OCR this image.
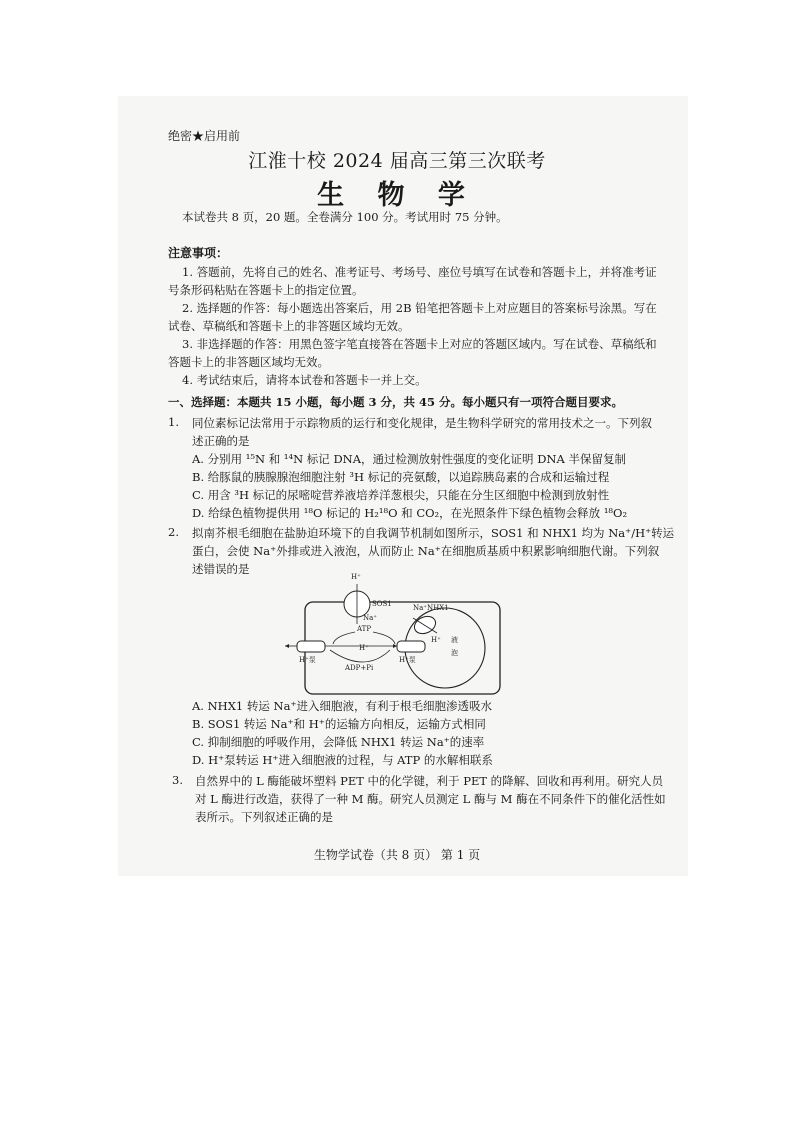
绝密★启用前
江淮十校 2024 届高三第三次联考
生 物 学
本试卷共 8 页，20 题。全卷满分 100 分。考试用时 75 分钟。
注意事项：
1. 答题前，先将自己的姓名、准考证号、考场号、座位号填写在试卷和答题卡上，并将准考证
号条形码粘贴在答题卡上的指定位置。
2. 选择题的作答：每小题选出答案后，用 2B 铅笔把答题卡上对应题目的答案标号涂黑。写在
试卷、草稿纸和答题卡上的非答题区域均无效。
3. 非选择题的作答：用黑色签字笔直接答在答题卡上对应的答题区域内。写在试卷、草稿纸和
答题卡上的非答题区域均无效。
4. 考试结束后，请将本试卷和答题卡一并上交。
一、选择题：本题共 15 小题，每小题 3 分，共 45 分。每小题只有一项符合题目要求。
1. 同位素标记法常用于示踪物质的运行和变化规律，是生物科学研究的常用技术之一。下列叙
述正确的是
A. 分别用 ¹⁵N 和 ¹⁴N 标记 DNA，通过检测放射性强度的变化证明 DNA 半保留复制
B. 给豚鼠的胰腺腺泡细胞注射 ³H 标记的亮氨酸，以追踪胰岛素的合成和运输过程
C. 用含 ³H 标记的尿嘧啶营养液培养洋葱根尖，只能在分生区细胞中检测到放射性
D. 给绿色植物提供用 ¹⁸O 标记的 H₂¹⁸O 和 CO₂，在光照条件下绿色植物会释放 ¹⁸O₂
2. 拟南芥根毛细胞在盐胁迫环境下的自我调节机制如图所示，SOS1 和 NHX1 均为 Na⁺/H⁺转运
蛋白，会使 Na⁺外排或进入液泡，从而防止 Na⁺在细胞质基质中积累影响细胞代谢。下列叙
述错误的是
H⁺
SOS1
Na⁺
Na⁺ NHX1
ATP
H⁺
H⁺ 液
泡
H⁺泵	H⁺泵
ADP+Pi
A. NHX1 转运 Na⁺进入细胞液，有利于根毛细胞渗透吸水
B. SOS1 转运 Na⁺和 H⁺的运输方向相反，运输方式相同
C. 抑制细胞的呼吸作用，会降低 NHX1 转运 Na⁺的速率
D. H⁺泵转运 H⁺进入细胞液的过程，与 ATP 的水解相联系
3. 自然界中的 L 酶能破坏塑料 PET 中的化学键，利于 PET 的降解、回收和再利用。研究人员
对 L 酶进行改造，获得了一种 M 酶。研究人员测定 L 酶与 M 酶在不同条件下的催化活性如
表所示。下列叙述正确的是
生物学试卷（共 8 页） 第 1 页
